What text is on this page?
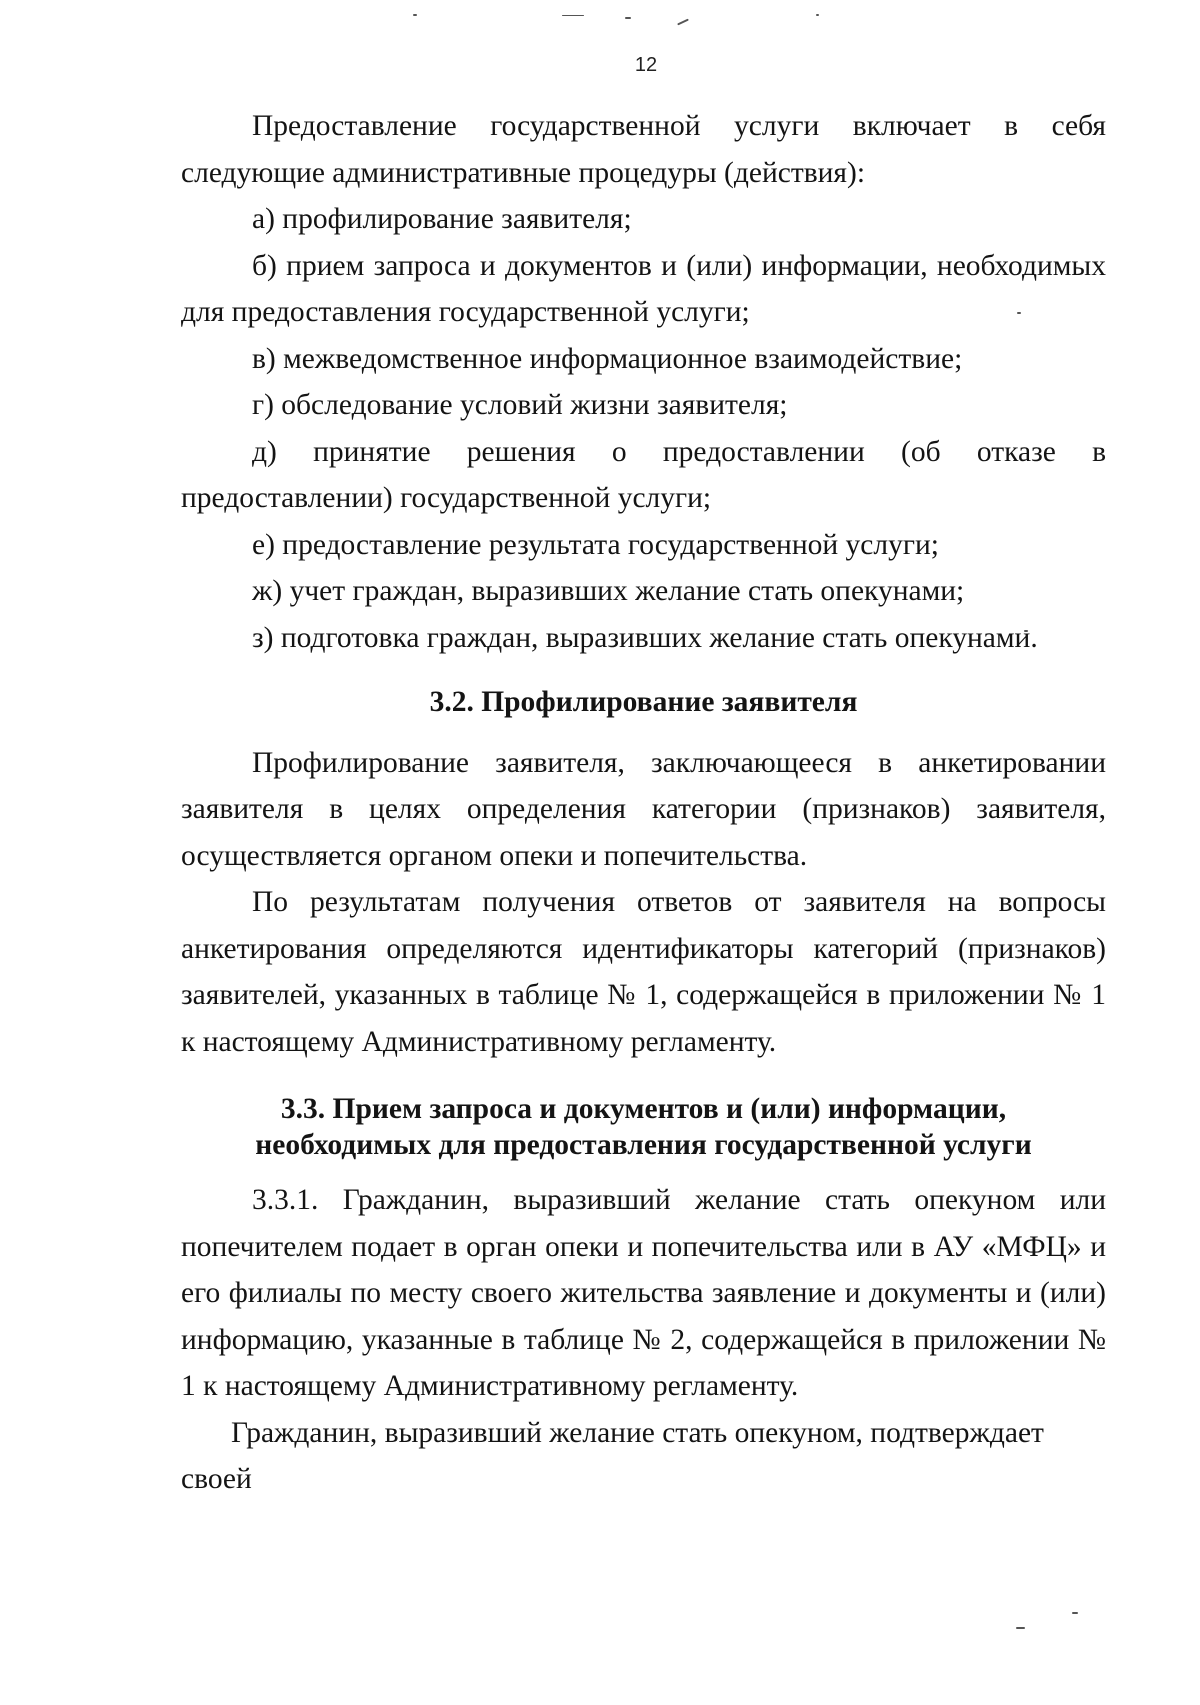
12

Предоставление государственной услуги включает в себя следующие административные процедуры (действия):

а) профилирование заявителя;

б) прием запроса и документов и (или) информации, необходимых для предоставления государственной услуги;

в) межведомственное информационное взаимодействие;

г) обследование условий жизни заявителя;

д) принятие решения о предоставлении (об отказе в предоставлении) государственной услуги;

е) предоставление результата государственной услуги;

ж) учет граждан, выразивших желание стать опекунами;

з) подготовка граждан, выразивших желание стать опекунами.

3.2. Профилирование заявителя

Профилирование заявителя, заключающееся в анкетировании заявителя в целях определения категории (признаков) заявителя, осуществляется органом опеки и попечительства.

По результатам получения ответов от заявителя на вопросы анкетирования определяются идентификаторы категорий (признаков) заявителей, указанных в таблице № 1, содержащейся в приложении № 1 к настоящему Административному регламенту.

3.3. Прием запроса и документов и (или) информации,
необходимых для предоставления государственной услуги

3.3.1. Гражданин, выразивший желание стать опекуном или попечителем подает в орган опеки и попечительства или в АУ «МФЦ» и его филиалы по месту своего жительства заявление и документы и (или) информацию, указанные в таблице № 2, содержащейся в приложении № 1 к настоящему Административному регламенту.

Гражданин, выразивший желание стать опекуном, подтверждает своей
